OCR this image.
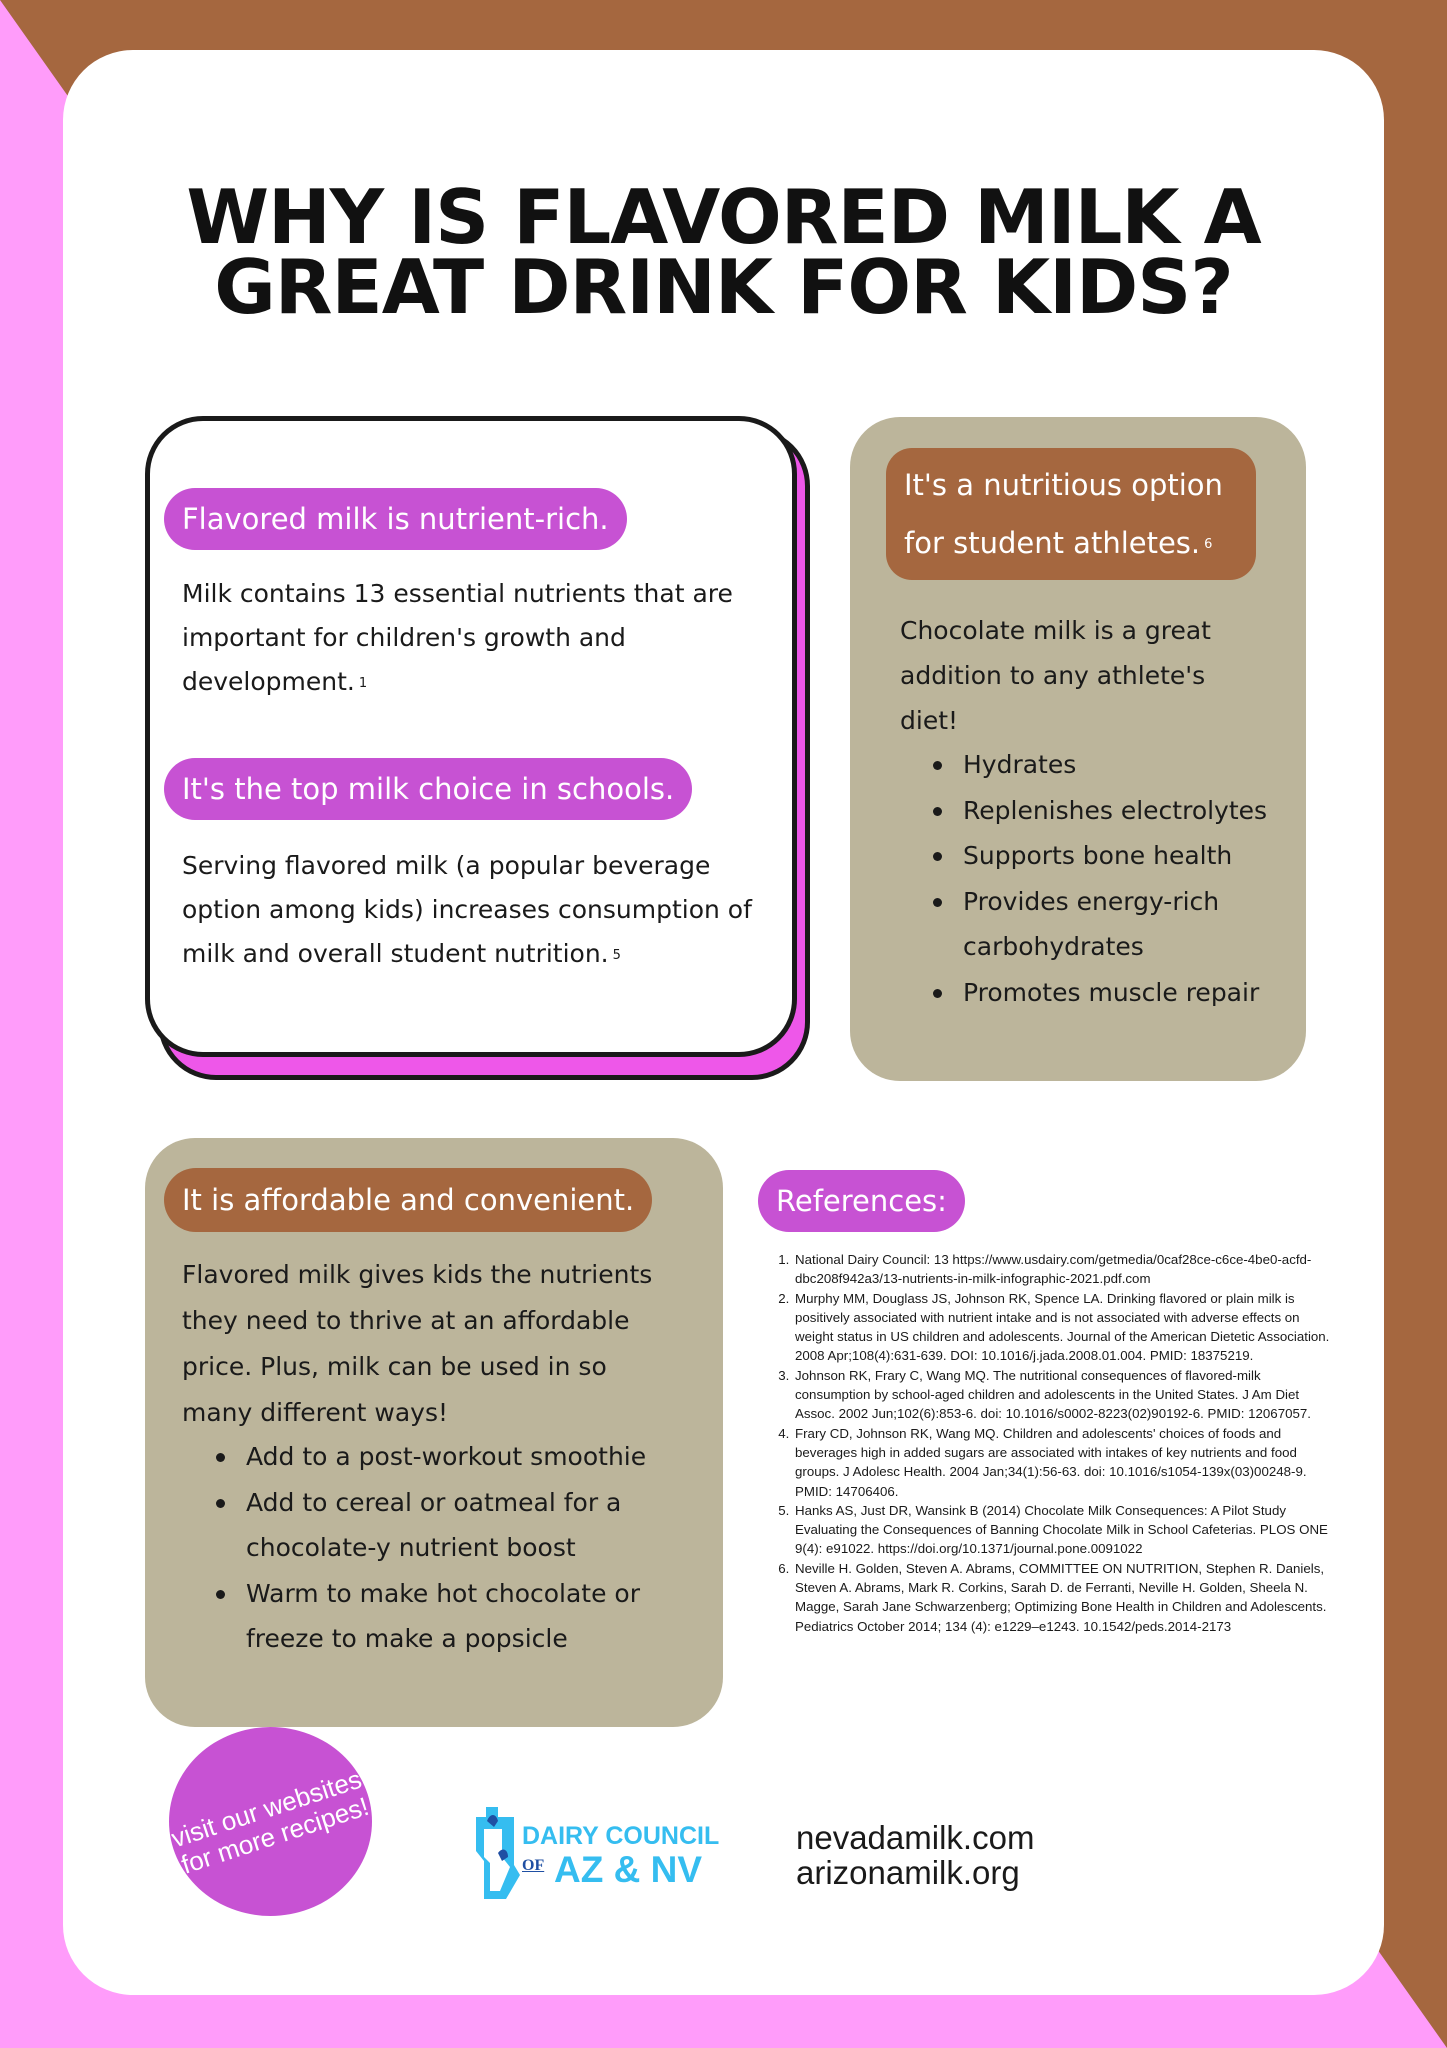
WHY IS FLAVORED MILK A
GREAT DRINK FOR KIDS?
Flavored milk is nutrient-rich.

Milk contains 13 essential nutrients that are important for children's growth and development. $^1$

It's the top milk choice in schools.

Serving flavored milk (a popular beverage option among kids) increases consumption of milk and overall student nutrition. $^5$

It's a nutritious option for student athletes. $^6$

Chocolate milk is a great addition to any athlete's diet!

Hydrates
Replenishes electrolytes
Supports bone health
Provides energy-rich carbohydrates
Promotes muscle repair
It is affordable and convenient.

Flavored milk gives kids the nutrients they need to thrive at an affordable price. Plus, milk can be used in so many different ways!

Add to a post-workout smoothie
Add to cereal or oatmeal for a chocolate-y nutrient boost
Warm to make hot chocolate or freeze to make a popsicle
References:
1. National Dairy Council: 13 https://www.usdairy.com/getmedia/0caf28ce-c6ce-4be0-acfd-dbc208f942a3/13-nutrients-in-milk-infographic-2021.pdf.com
2. Murphy MM, Douglass JS, Johnson RK, Spence LA. Drinking flavored or plain milk is positively associated with nutrient intake and is not associated with adverse effects on weight status in US children and adolescents. Journal of the American Dietetic Association. 2008 Apr;108(4):631-639. DOI: 10.1016/j.jada.2008.01.004. PMID: 18375219.
3. Johnson RK, Frary C, Wang MQ. The nutritional consequences of flavored-milk consumption by school-aged children and adolescents in the United States. J Am Diet Assoc. 2002 Jun;102(6):853-6. doi: 10.1016/s0002-8223(02)90192-6. PMID: 12067057.
4. Frary CD, Johnson RK, Wang MQ. Children and adolescents' choices of foods and beverages high in added sugars are associated with intakes of key nutrients and food groups. J Adolesc Health. 2004 Jan;34(1):56-63. doi: 10.1016/s1054-139x(03)00248-9. PMID: 14706406.
5. Hanks AS, Just DR, Wansink B (2014) Chocolate Milk Consequences: A Pilot Study Evaluating the Consequences of Banning Chocolate Milk in School Cafeterias. PLOS ONE 9(4): e91022. https://doi.org/10.1371/journal.pone.0091022
6. Neville H. Golden, Steven A. Abrams, COMMITTEE ON NUTRITION, Stephen R. Daniels, Steven A. Abrams, Mark R. Corkins, Sarah D. de Ferranti, Neville H. Golden, Sheela N. Magge, Sarah Jane Schwarzenberg; Optimizing Bone Health in Children and Adolescents. Pediatrics October 2014; 134 (4): e1229–e1243. 10.1542/peds.2014-2173
visit our websites for more recipes!	DAIRY COUNCIL
OF AZ & NV
nevadamilk.com
arizonamilk.org
